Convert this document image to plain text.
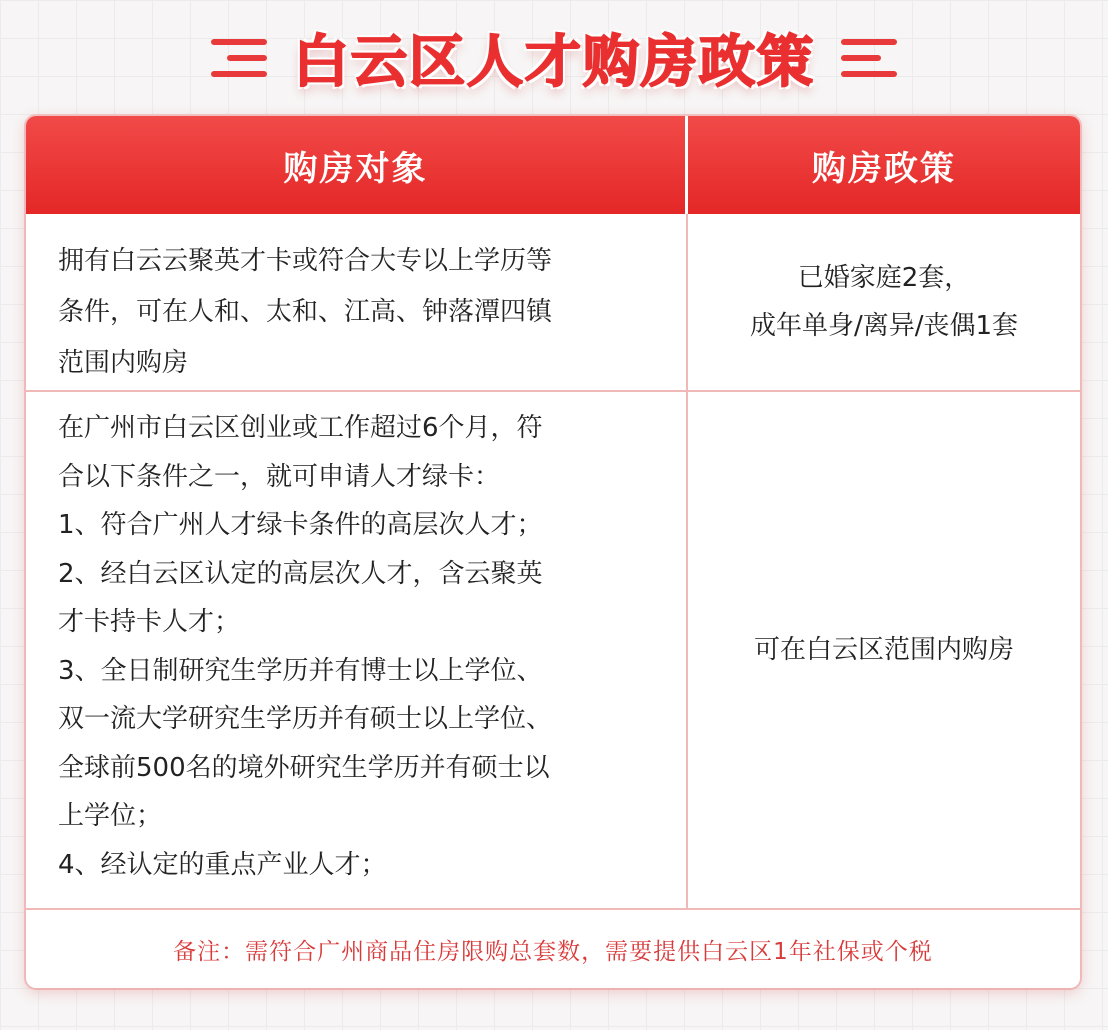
白云区人才购房政策
购房对象	购房政策
拥有白云云聚英才卡或符合大专以上学历等
条件，可在人和、太和、江高、钟落潭四镇
范围内购房
已婚家庭2套，
成年单身/离异/丧偶1套
在广州市白云区创业或工作超过6个月，符
合以下条件之一，就可申请人才绿卡：
1、符合广州人才绿卡条件的高层次人才；
2、经白云区认定的高层次人才，含云聚英
才卡持卡人才；
3、全日制研究生学历并有博士以上学位、
双一流大学研究生学历并有硕士以上学位、
全球前500名的境外研究生学历并有硕士以
上学位；
4、经认定的重点产业人才；
可在白云区范围内购房
备注：需符合广州商品住房限购总套数，需要提供白云区1年社保或个税
